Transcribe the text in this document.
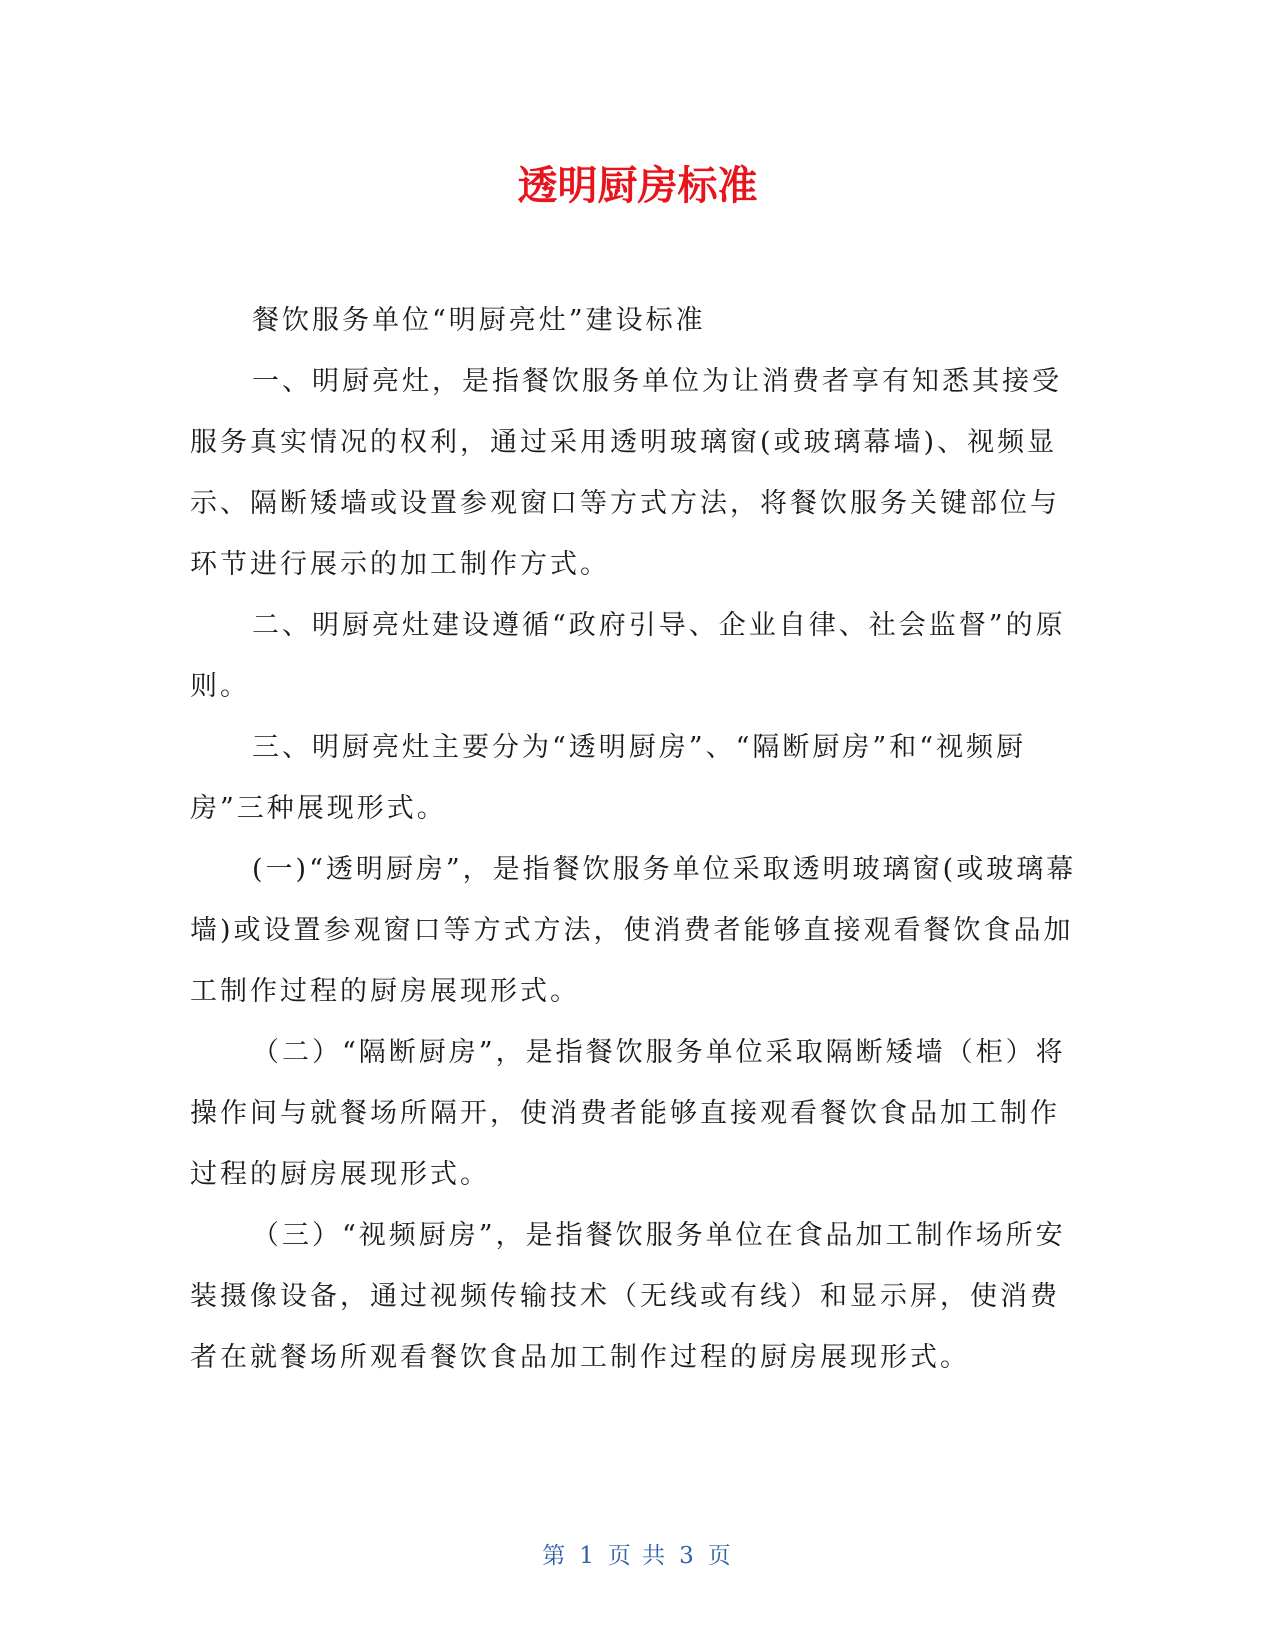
透明厨房标准

餐饮服务单位“明厨亮灶”建设标准

一、明厨亮灶，是指餐饮服务单位为让消费者享有知悉其接受服务真实情况的权利，通过采用透明玻璃窗(或玻璃幕墙)、视频显示、隔断矮墙或设置参观窗口等方式方法，将餐饮服务关键部位与环节进行展示的加工制作方式。

二、明厨亮灶建设遵循“政府引导、企业自律、社会监督”的原则。

三、明厨亮灶主要分为“透明厨房”、“隔断厨房”和“视频厨房”三种展现形式。

(一)“透明厨房”，是指餐饮服务单位采取透明玻璃窗(或玻璃幕墙)或设置参观窗口等方式方法，使消费者能够直接观看餐饮食品加工制作过程的厨房展现形式。

（二）“隔断厨房”，是指餐饮服务单位采取隔断矮墙（柜）将操作间与就餐场所隔开，使消费者能够直接观看餐饮食品加工制作过程的厨房展现形式。

（三）“视频厨房”，是指餐饮服务单位在食品加工制作场所安装摄像设备，通过视频传输技术（无线或有线）和显示屏，使消费者在就餐场所观看餐饮食品加工制作过程的厨房展现形式。

第 1 页 共 3 页
